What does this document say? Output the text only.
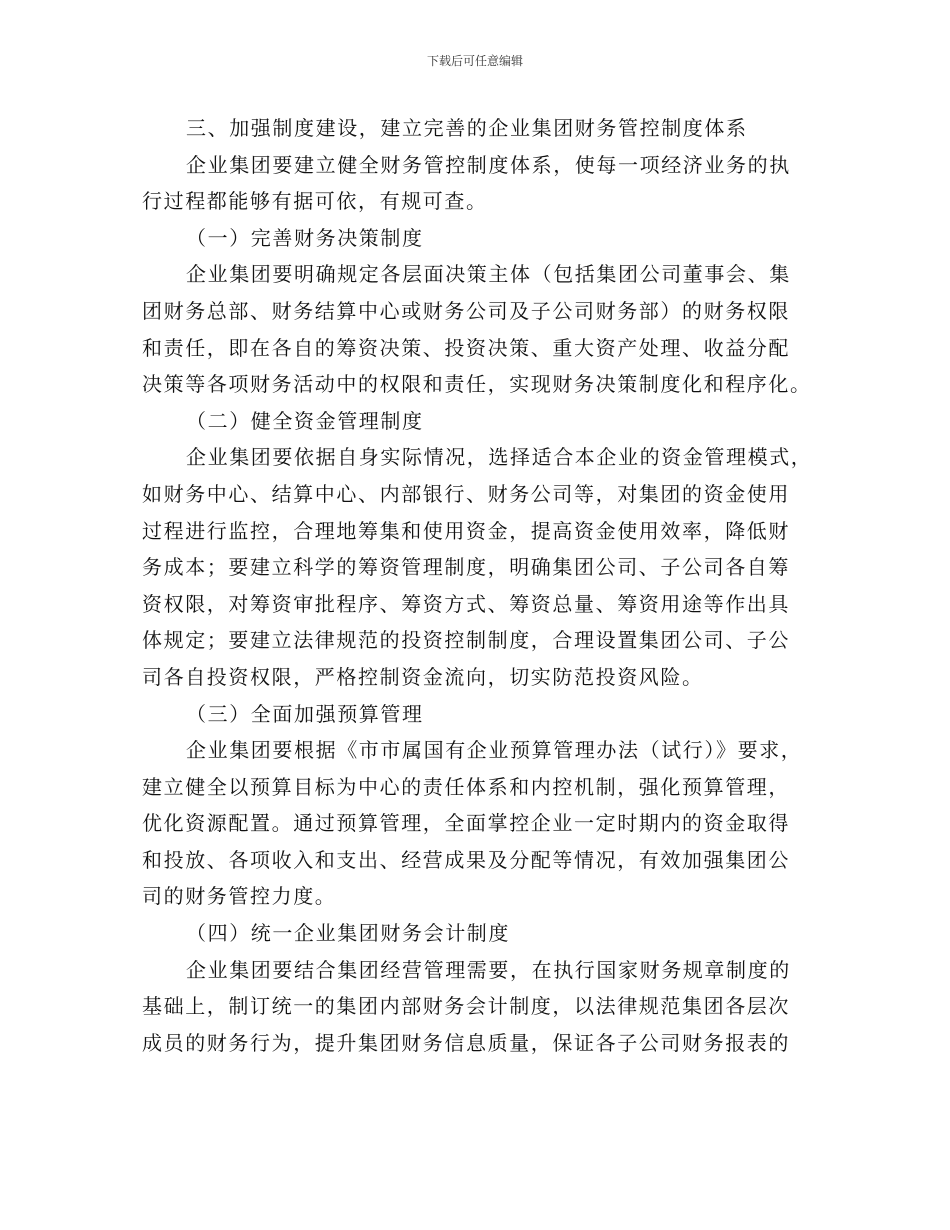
下载后可任意编辑
三、加强制度建设，建立完善的企业集团财务管控制度体系
企业集团要建立健全财务管控制度体系，使每一项经济业务的执
行过程都能够有据可依，有规可查。
（一）完善财务决策制度
企业集团要明确规定各层面决策主体（包括集团公司董事会、集
团财务总部、财务结算中心或财务公司及子公司财务部）的财务权限
和责任，即在各自的筹资决策、投资决策、重大资产处理、收益分配
决策等各项财务活动中的权限和责任，实现财务决策制度化和程序化。
（二）健全资金管理制度
企业集团要依据自身实际情况，选择适合本企业的资金管理模式，
如财务中心、结算中心、内部银行、财务公司等，对集团的资金使用
过程进行监控，合理地筹集和使用资金，提高资金使用效率，降低财
务成本；要建立科学的筹资管理制度，明确集团公司、子公司各自筹
资权限，对筹资审批程序、筹资方式、筹资总量、筹资用途等作出具
体规定；要建立法律规范的投资控制制度，合理设置集团公司、子公
司各自投资权限，严格控制资金流向，切实防范投资风险。
（三）全面加强预算管理
企业集团要根据《市市属国有企业预算管理办法（试行）》要求，
建立健全以预算目标为中心的责任体系和内控机制，强化预算管理，
优化资源配置。通过预算管理，全面掌控企业一定时期内的资金取得
和投放、各项收入和支出、经营成果及分配等情况，有效加强集团公
司的财务管控力度。
（四）统一企业集团财务会计制度
企业集团要结合集团经营管理需要，在执行国家财务规章制度的
基础上，制订统一的集团内部财务会计制度，以法律规范集团各层次
成员的财务行为，提升集团财务信息质量，保证各子公司财务报表的
